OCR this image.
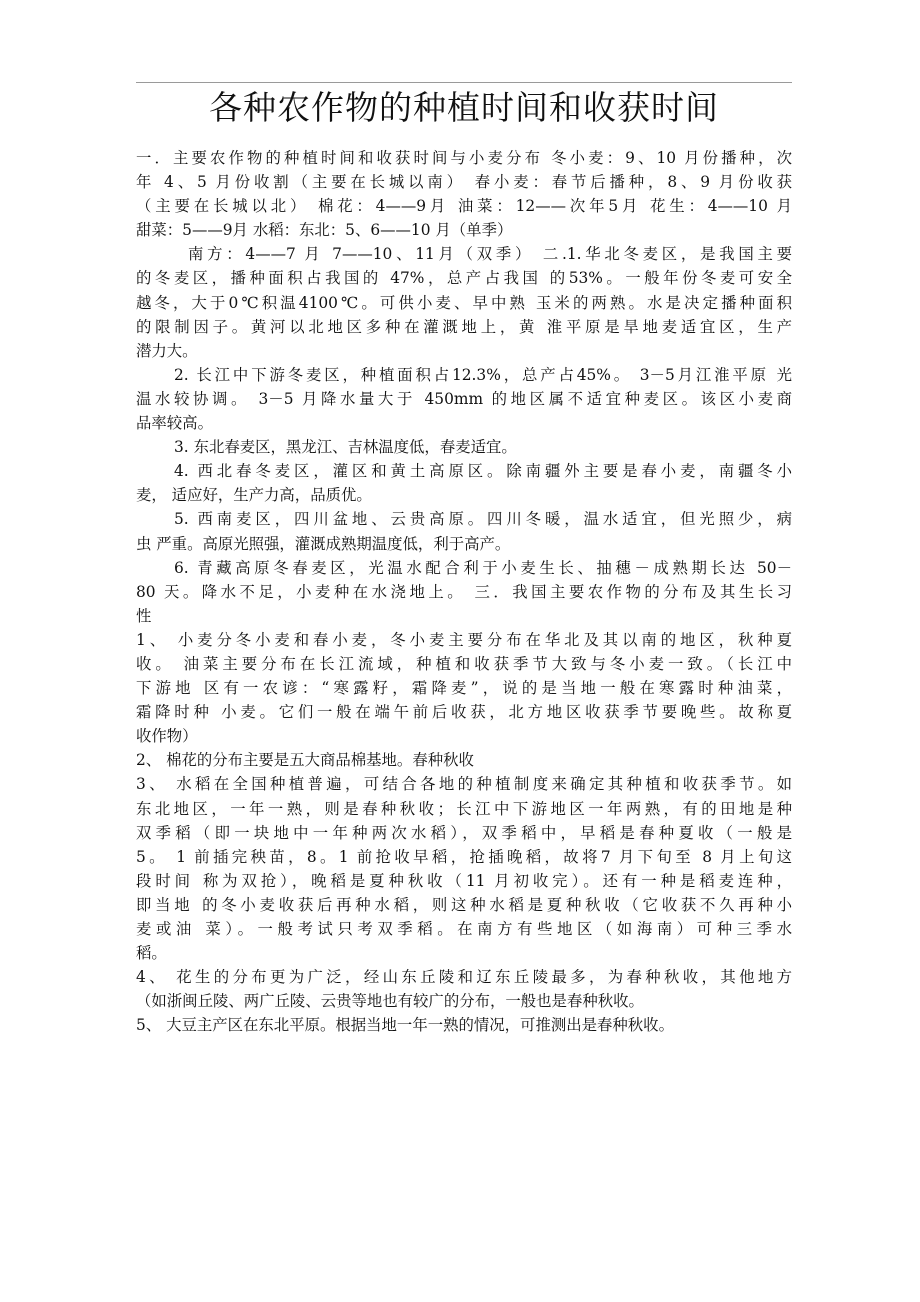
各种农作物的种植时间和收获时间
一．主要农作物的种植时间和收获时间与小麦分布 冬小麦：9、10 月份播种，次
年 4、5 月份收割（主要在长城以南） 春小麦：春节后播种，8、9 月份收获
（主要在长城以北） 棉花：4——9月 油菜：12——次年5月 花生：4——10 月
甜菜：5——9月 水稻：东北：5、6——10 月（单季）
南方：4——7 月 7——10、11月（双季） 二.1.华北冬麦区，是我国主要
的冬麦区，播种面积占我国的 47%，总产占我国 的53%。一般年份冬麦可安全
越冬，大于0℃积温4100℃。可供小麦、早中熟 玉米的两熟。水是决定播种面积
的限制因子。黄河以北地区多种在灌溉地上，黄 淮平原是旱地麦适宜区，生产
潜力大。
2. 长江中下游冬麦区，种植面积占12.3%，总产占45%。 3－5月江淮平原 光
温水较协调。 3－5 月降水量大于 450mm 的地区属不适宜种麦区。该区小麦商
品率较高。
3. 东北春麦区，黑龙江、吉林温度低，春麦适宜。
4. 西北春冬麦区，灌区和黄土高原区。除南疆外主要是春小麦，南疆冬小
麦， 适应好，生产力高，品质优。
5. 西南麦区，四川盆地、云贵高原。四川冬暖，温水适宜，但光照少，病
虫 严重。高原光照强，灌溉成熟期温度低，利于高产。
6. 青藏高原冬春麦区，光温水配合利于小麦生长、抽穗－成熟期长达 50－
80 天。降水不足，小麦种在水浇地上。 三．我国主要农作物的分布及其生长习
性
1、 小麦分冬小麦和春小麦，冬小麦主要分布在华北及其以南的地区，秋种夏
收。 油菜主要分布在长江流域，种植和收获季节大致与冬小麦一致。（长江中
下游地 区有一农谚：“寒露籽，霜降麦”，说的是当地一般在寒露时种油菜，
霜降时种 小麦。它们一般在端午前后收获，北方地区收获季节要晚些。故称夏
收作物）
2、 棉花的分布主要是五大商品棉基地。春种秋收
3、 水稻在全国种植普遍，可结合各地的种植制度来确定其种植和收获季节。如
东北地区，一年一熟，则是春种秋收；长江中下游地区一年两熟，有的田地是种
双季稻（即一块地中一年种两次水稻），双季稻中，早稻是春种夏收（一般是
5。 1 前插完秧苗，8。1 前抢收早稻，抢插晚稻，故将7 月下旬至 8 月上旬这
段时间 称为双抢），晚稻是夏种秋收（11 月初收完）。还有一种是稻麦连种，
即当地 的冬小麦收获后再种水稻，则这种水稻是夏种秋收（它收获不久再种小
麦或油 菜）。一般考试只考双季稻。在南方有些地区（如海南）可种三季水
稻。
4、 花生的分布更为广泛，经山东丘陵和辽东丘陵最多，为春种秋收，其他地方
（如浙闽丘陵、两广丘陵、云贵等地也有较广的分布，一般也是春种秋收。
5、 大豆主产区在东北平原。根据当地一年一熟的情况，可推测出是春种秋收。
